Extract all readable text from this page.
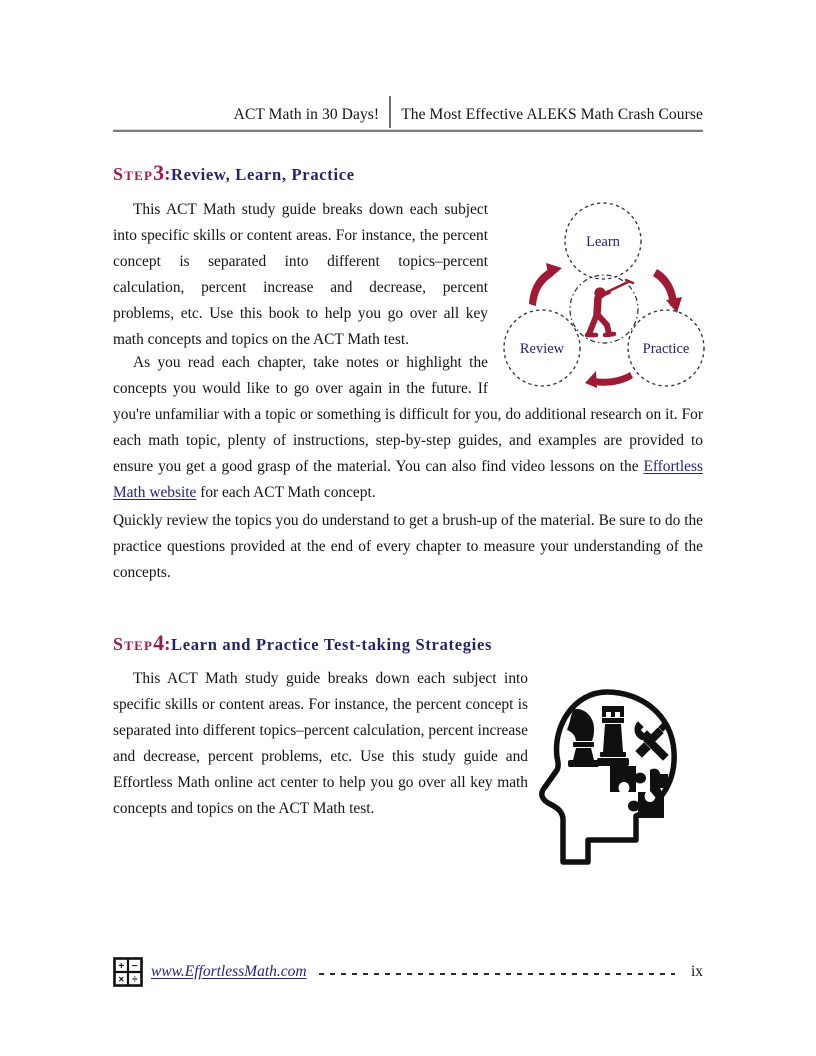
ACT Math in 30 Days!	The Most Effective ALEKS Math Crash Course
Step3:Review, Learn, Practice
This ACT Math study guide breaks down each subject into specific skills or content areas. For instance, the percent concept is separated into different topics–percent calculation, percent increase and decrease, percent problems, etc. Use this book to help you go over all key math concepts and topics on the ACT Math test.
Learn
Review	Practice
As you read each chapter, take notes or highlight the concepts you would like to go over again in the future. If you're unfamiliar with a topic or something is difficult for you, do additional research on it. For each math topic, plenty of instructions, step-by-step guides, and examples are provided to ensure you get a good grasp of the material. You can also find video lessons on the Effortless Math website for each ACT Math concept.
Quickly review the topics you do understand to get a brush-up of the material. Be sure to do the practice questions provided at the end of every chapter to measure your understanding of the concepts.
Step4:Learn and Practice Test-taking Strategies
This ACT Math study guide breaks down each subject into specific skills or content areas. For instance, the percent concept is separated into different topics–percent calculation, percent increase and decrease, percent problems, etc. Use this study guide and Effortless Math online act center to help you go over all key math concepts and topics on the ACT Math test.
+ −
× ÷ www.EffortlessMath.com	ix
